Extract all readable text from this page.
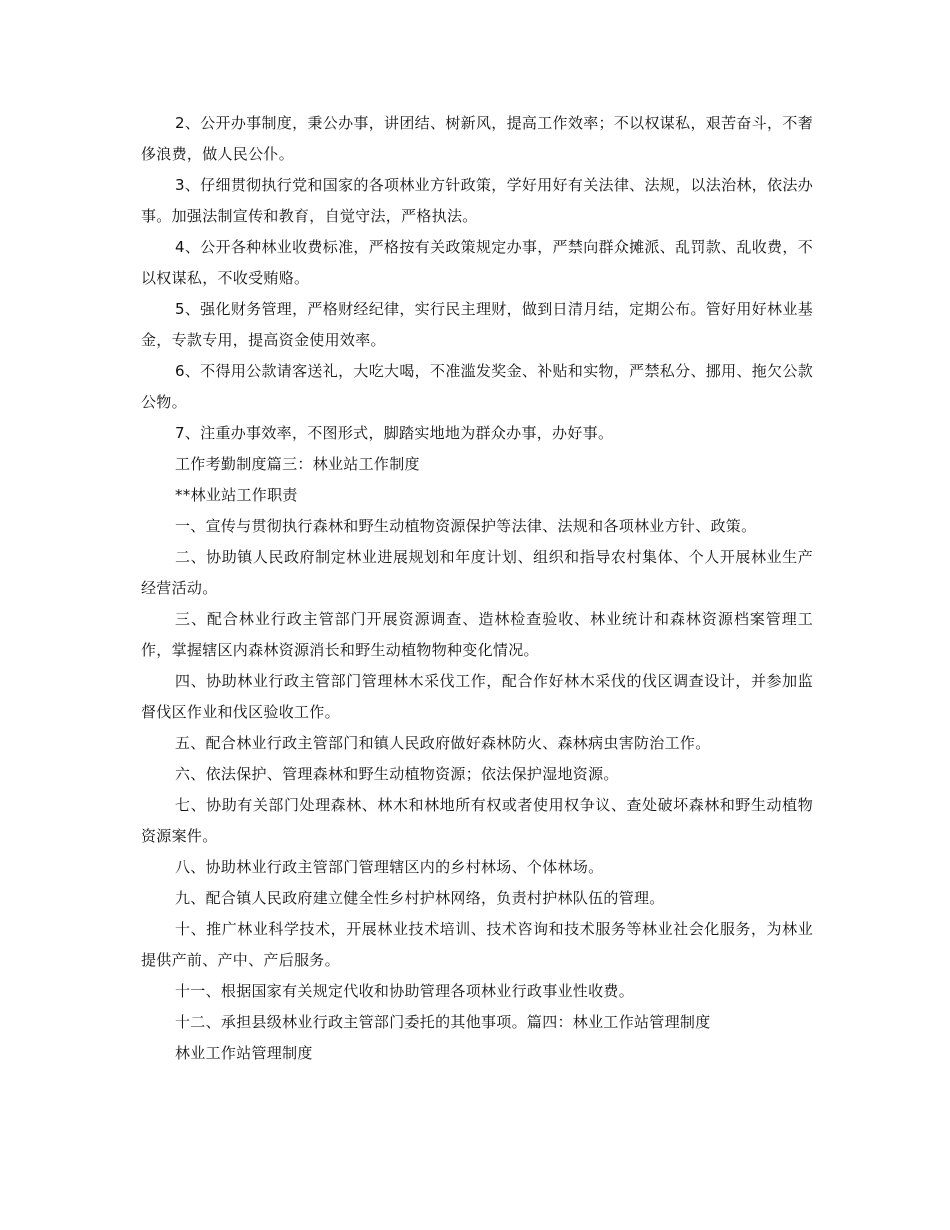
2、公开办事制度，秉公办事，讲团结、树新风，提高工作效率；不以权谋私，艰苦奋斗，不奢侈浪费，做人民公仆。

3、仔细贯彻执行党和国家的各项林业方针政策，学好用好有关法律、法规，以法治林，依法办事。加强法制宣传和教育，自觉守法，严格执法。

4、公开各种林业收费标准，严格按有关政策规定办事，严禁向群众摊派、乱罚款、乱收费，不以权谋私，不收受贿赂。

5、强化财务管理，严格财经纪律，实行民主理财，做到日清月结，定期公布。管好用好林业基金，专款专用，提高资金使用效率。

6、不得用公款请客送礼，大吃大喝，不准滥发奖金、补贴和实物，严禁私分、挪用、拖欠公款公物。

7、注重办事效率，不图形式，脚踏实地地为群众办事，办好事。

工作考勤制度篇三：林业站工作制度

**林业站工作职责

一、宣传与贯彻执行森林和野生动植物资源保护等法律、法规和各项林业方针、政策。

二、协助镇人民政府制定林业进展规划和年度计划、组织和指导农村集体、个人开展林业生产经营活动。

三、配合林业行政主管部门开展资源调查、造林检查验收、林业统计和森林资源档案管理工作，掌握辖区内森林资源消长和野生动植物物种变化情况。

四、协助林业行政主管部门管理林木采伐工作，配合作好林木采伐的伐区调查设计，并参加监督伐区作业和伐区验收工作。

五、配合林业行政主管部门和镇人民政府做好森林防火、森林病虫害防治工作。

六、依法保护、管理森林和野生动植物资源；依法保护湿地资源。

七、协助有关部门处理森林、林木和林地所有权或者使用权争议、查处破坏森林和野生动植物资源案件。

八、协助林业行政主管部门管理辖区内的乡村林场、个体林场。

九、配合镇人民政府建立健全性乡村护林网络，负责村护林队伍的管理。

十、推广林业科学技术，开展林业技术培训、技术咨询和技术服务等林业社会化服务，为林业提供产前、产中、产后服务。

十一、根据国家有关规定代收和协助管理各项林业行政事业性收费。

十二、承担县级林业行政主管部门委托的其他事项。篇四：林业工作站管理制度

林业工作站管理制度
